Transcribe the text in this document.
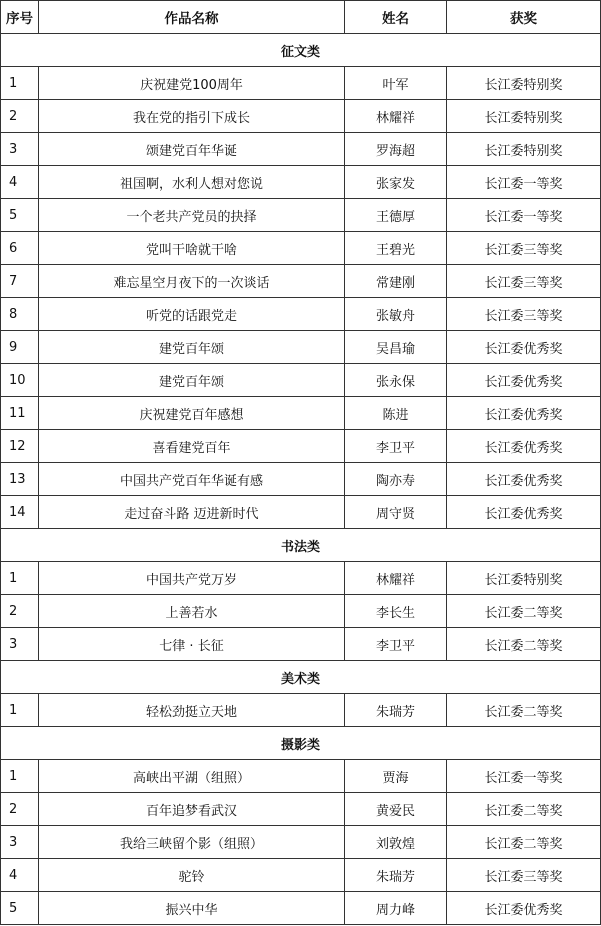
序号	作品名称	姓名	获奖
征文类			
1	庆祝建党100周年	叶军	长江委特别奖
2	我在党的指引下成长	林耀祥	长江委特别奖
3	颂建党百年华诞	罗海超	长江委特别奖
4	祖国啊，水利人想对您说	张家发	长江委一等奖
5	一个老共产党员的抉择	王德厚	长江委一等奖
6	党叫干啥就干啥	王碧光	长江委三等奖
7	难忘星空月夜下的一次谈话	常建刚	长江委三等奖
8	听党的话跟党走	张敏舟	长江委三等奖
9	建党百年颂	吴昌瑜	长江委优秀奖
10	建党百年颂	张永保	长江委优秀奖
11	庆祝建党百年感想	陈进	长江委优秀奖
12	喜看建党百年	李卫平	长江委优秀奖
13	中国共产党百年华诞有感	陶亦寿	长江委优秀奖
14	走过奋斗路 迈进新时代	周守贤	长江委优秀奖
书法类			
1	中国共产党万岁	林耀祥	长江委特别奖
2	上善若水	李长生	长江委二等奖
3	七律 · 长征	李卫平	长江委二等奖
美术类			
1	轻松劲挺立天地	朱瑞芳	长江委二等奖
摄影类			
1	高峡出平湖（组照）	贾海	长江委一等奖
2	百年追梦看武汉	黄爱民	长江委二等奖
3	我给三峡留个影（组照）	刘敦煌	长江委二等奖
4	驼铃	朱瑞芳	长江委三等奖
5	振兴中华	周力峰	长江委优秀奖
